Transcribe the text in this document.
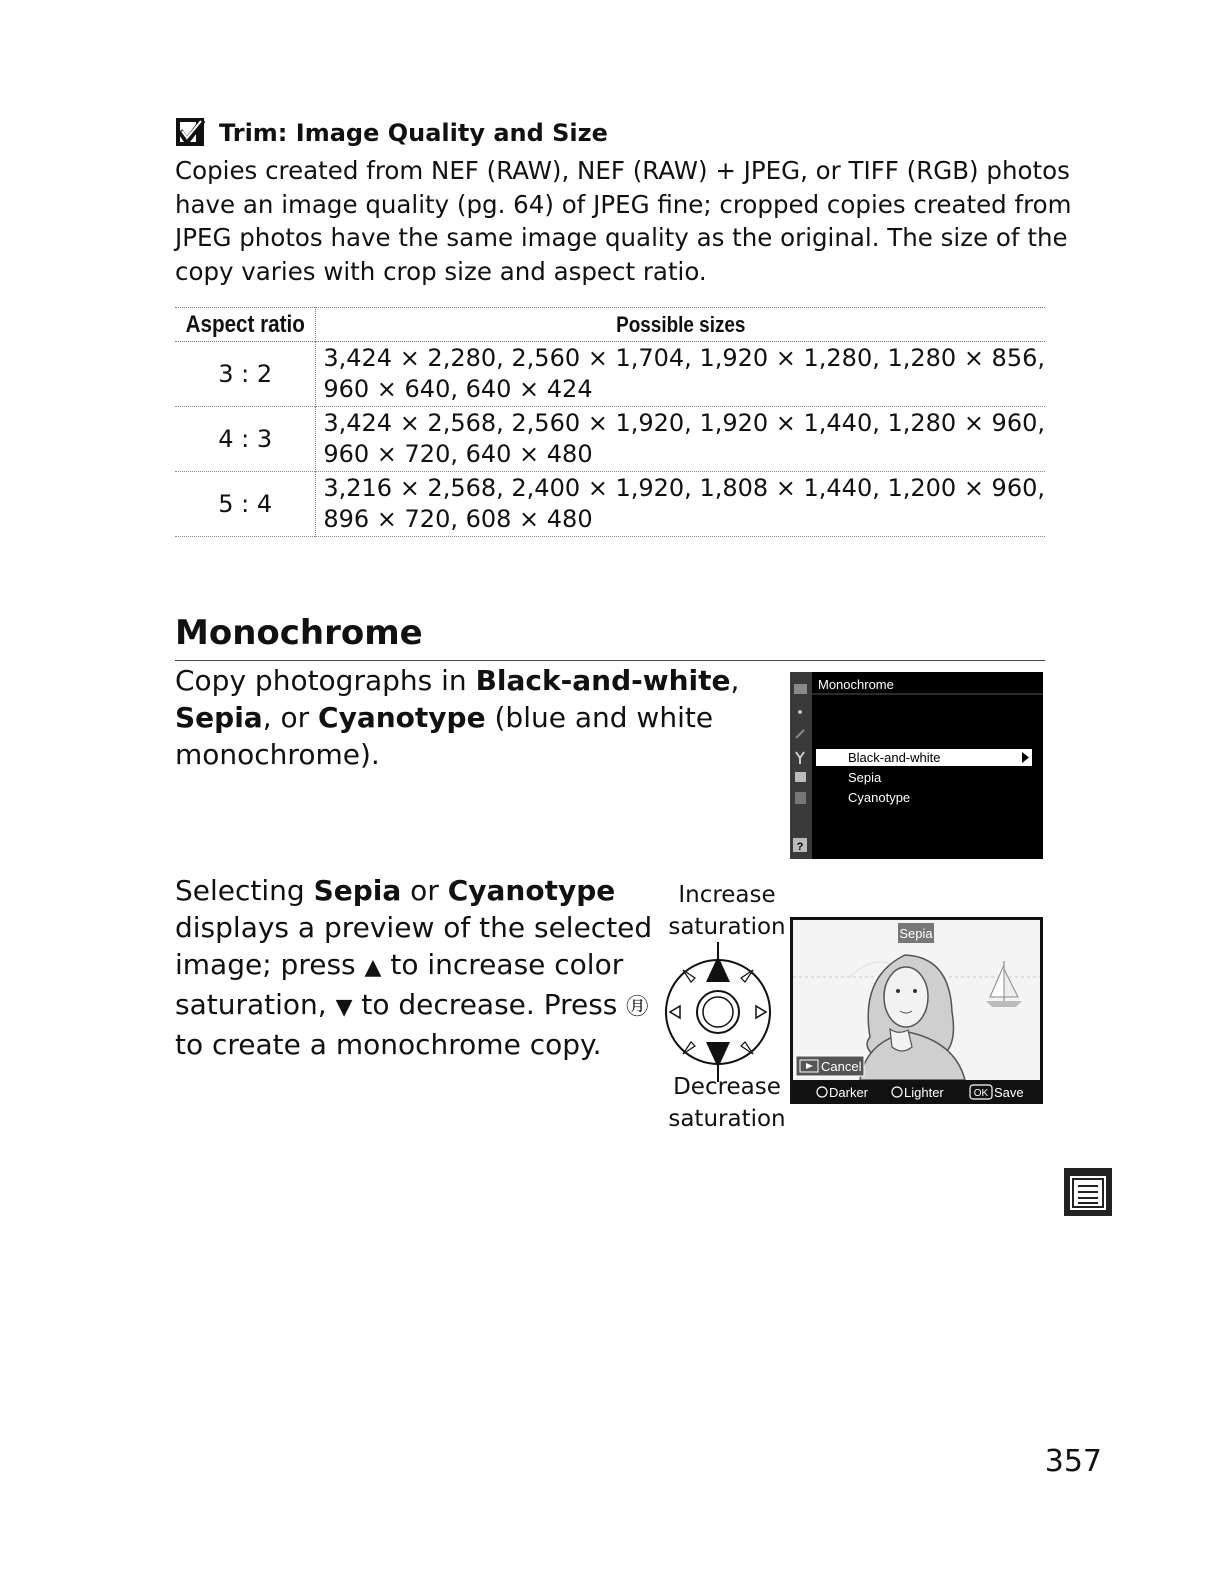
Trim: Image Quality and Size

Copies created from NEF (RAW), NEF (RAW) + JPEG, or TIFF (RGB) photos

have an image quality (pg. 64) of JPEG fine; cropped copies created from

JPEG photos have the same image quality as the original. The size of the

copy varies with crop size and aspect ratio.

Aspect ratio	Possible sizes
3 : 2	3,424 × 2,280, 2,560 × 1,704, 1,920 × 1,280, 1,280 × 856,
960 × 640, 640 × 424

4 : 3	3,424 × 2,568, 2,560 × 1,920, 1,920 × 1,440, 1,280 × 960,
960 × 720, 640 × 480

5 : 4	3,216 × 2,568, 2,400 × 1,920, 1,808 × 1,440, 1,200 × 960,
896 × 720, 608 × 480
Monochrome

Copy photographs in Black-and-white,

Sepia, or Cyanotype (blue and white

monochrome).

?
Monochrome
Black-and-white
Sepia
Cyanotype

Selecting Sepia or Cyanotype

displays a preview of the selected

image; press ▲ to increase color

saturation, ▼ to decrease. Press ㊊

to create a monochrome copy.

Increase
saturation
Decrease
saturation
Sepia
Cancel
Darker	Lighter	OK Save
357
